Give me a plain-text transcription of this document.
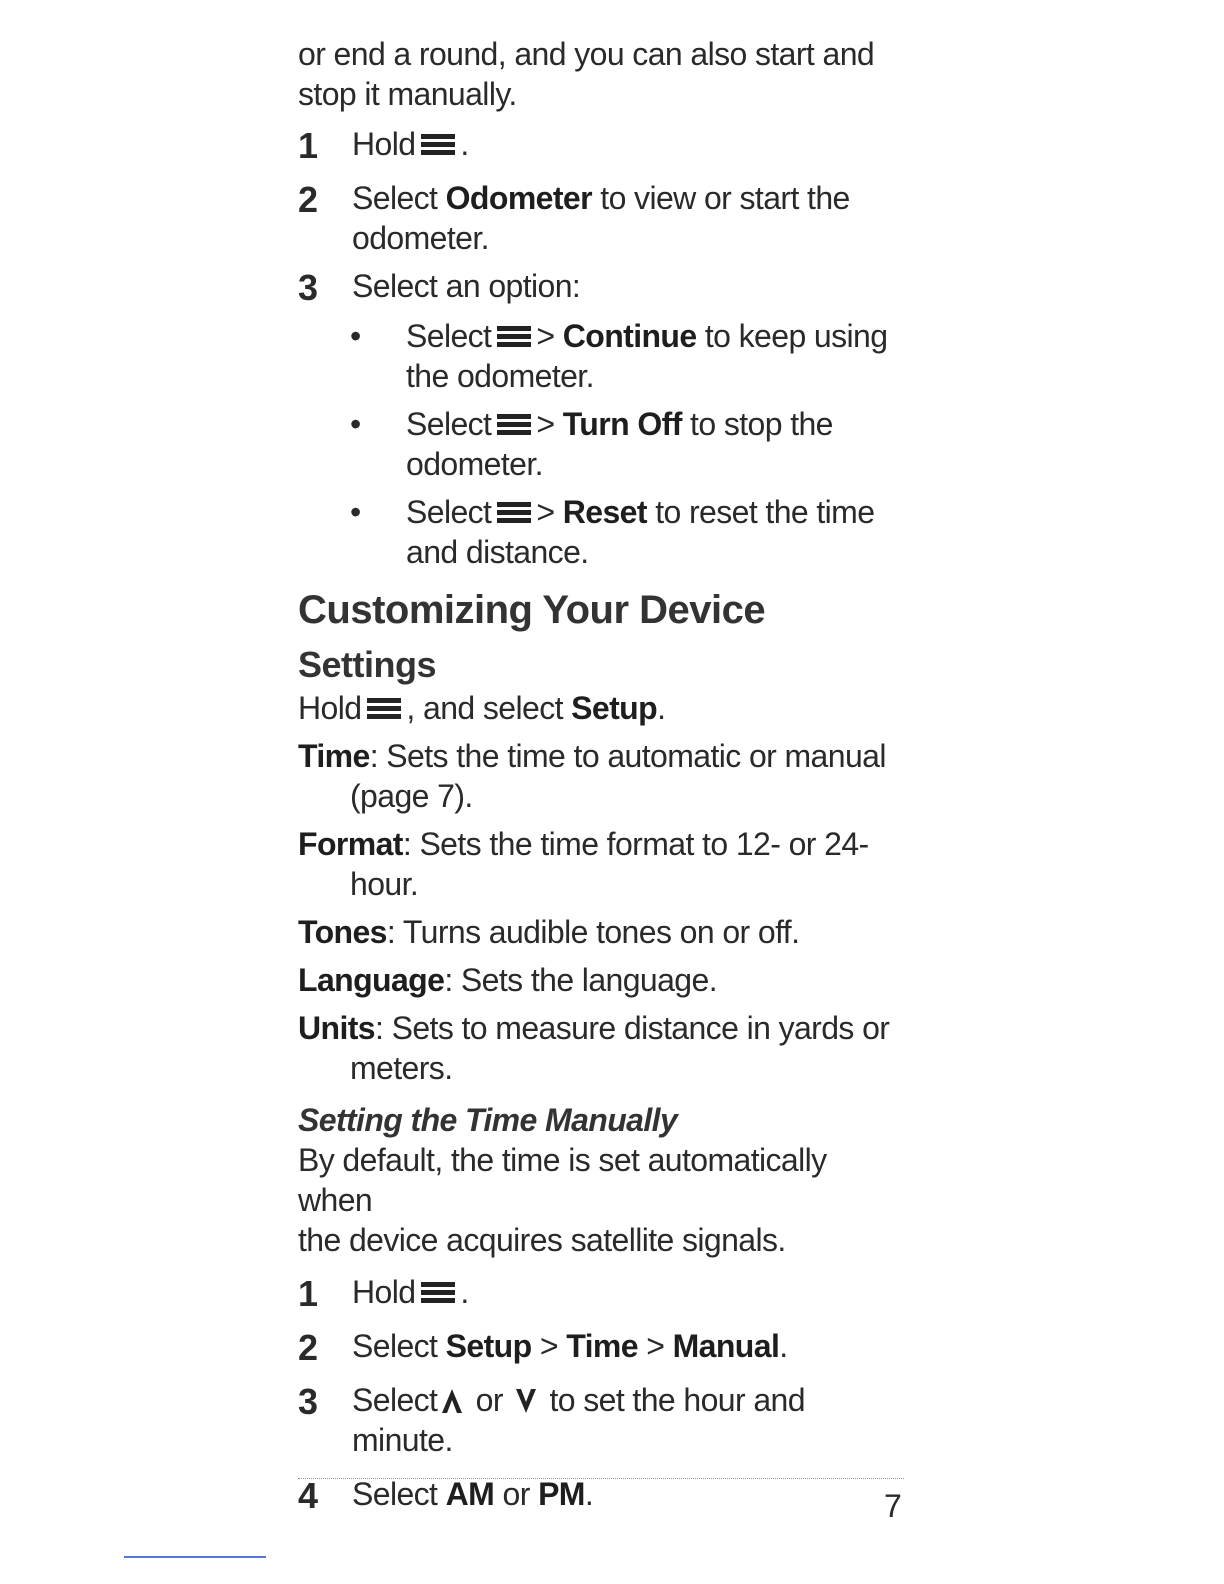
or end a round, and you can also start and

stop it manually.

1 Hold .
2 Select Odometer to view or start the
odometer.
3 Select an option:
• Select > Continue to keep using
the odometer.
• Select > Turn Off to stop the
odometer.
• Select > Reset to reset the time
and distance.
Customizing Your Device
Settings

Hold , and select Setup.

Time: Sets the time to automatic or manual
(page 7).
Format: Sets the time format to 12- or 24-
hour.
Tones: Turns audible tones on or off.
Language: Sets the language.
Units: Sets to measure distance in yards or
meters.
Setting the Time Manually

By default, the time is set automatically when

the device acquires satellite signals.

1 Hold .
2 Select Setup > Time > Manual.
3 Select or  to set the hour and minute.
4 Select AM or PM.	7
